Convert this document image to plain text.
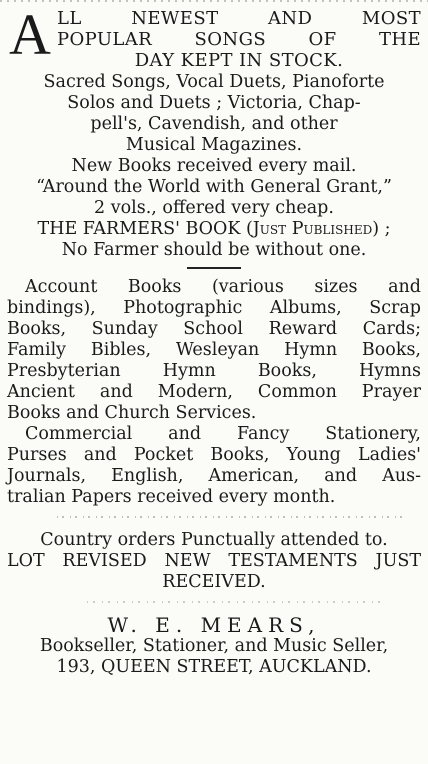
A LL NEWEST AND MOST
POPULAR SONGS OF THE
DAY KEPT IN STOCK.
Sacred Songs, Vocal Duets, Pianoforte
Solos and Duets ; Victoria, Chap-
pell's, Cavendish, and other
Musical Magazines.
New Books received every mail.
“Around the World with General Grant,”
2 vols., offered very cheap.
THE FARMERS' BOOK (Just Published) ;
No Farmer should be without one.
Account Books (various sizes and
bindings), Photographic Albums, Scrap
Books, Sunday School Reward Cards;
Family Bibles, Wesleyan Hymn Books,
Presbyterian Hymn Books, Hymns
Ancient and Modern, Common Prayer
Books and Church Services.
Commercial and Fancy Stationery,
Purses and Pocket Books, Young Ladies'
Journals, English, American, and Aus-
tralian Papers received every month.
Country orders Punctually attended to.
LOT REVISED NEW TESTAMENTS JUST
RECEIVED.
W. E. MEARS,
Bookseller, Stationer, and Music Seller,
193, QUEEN STREET, AUCKLAND.
